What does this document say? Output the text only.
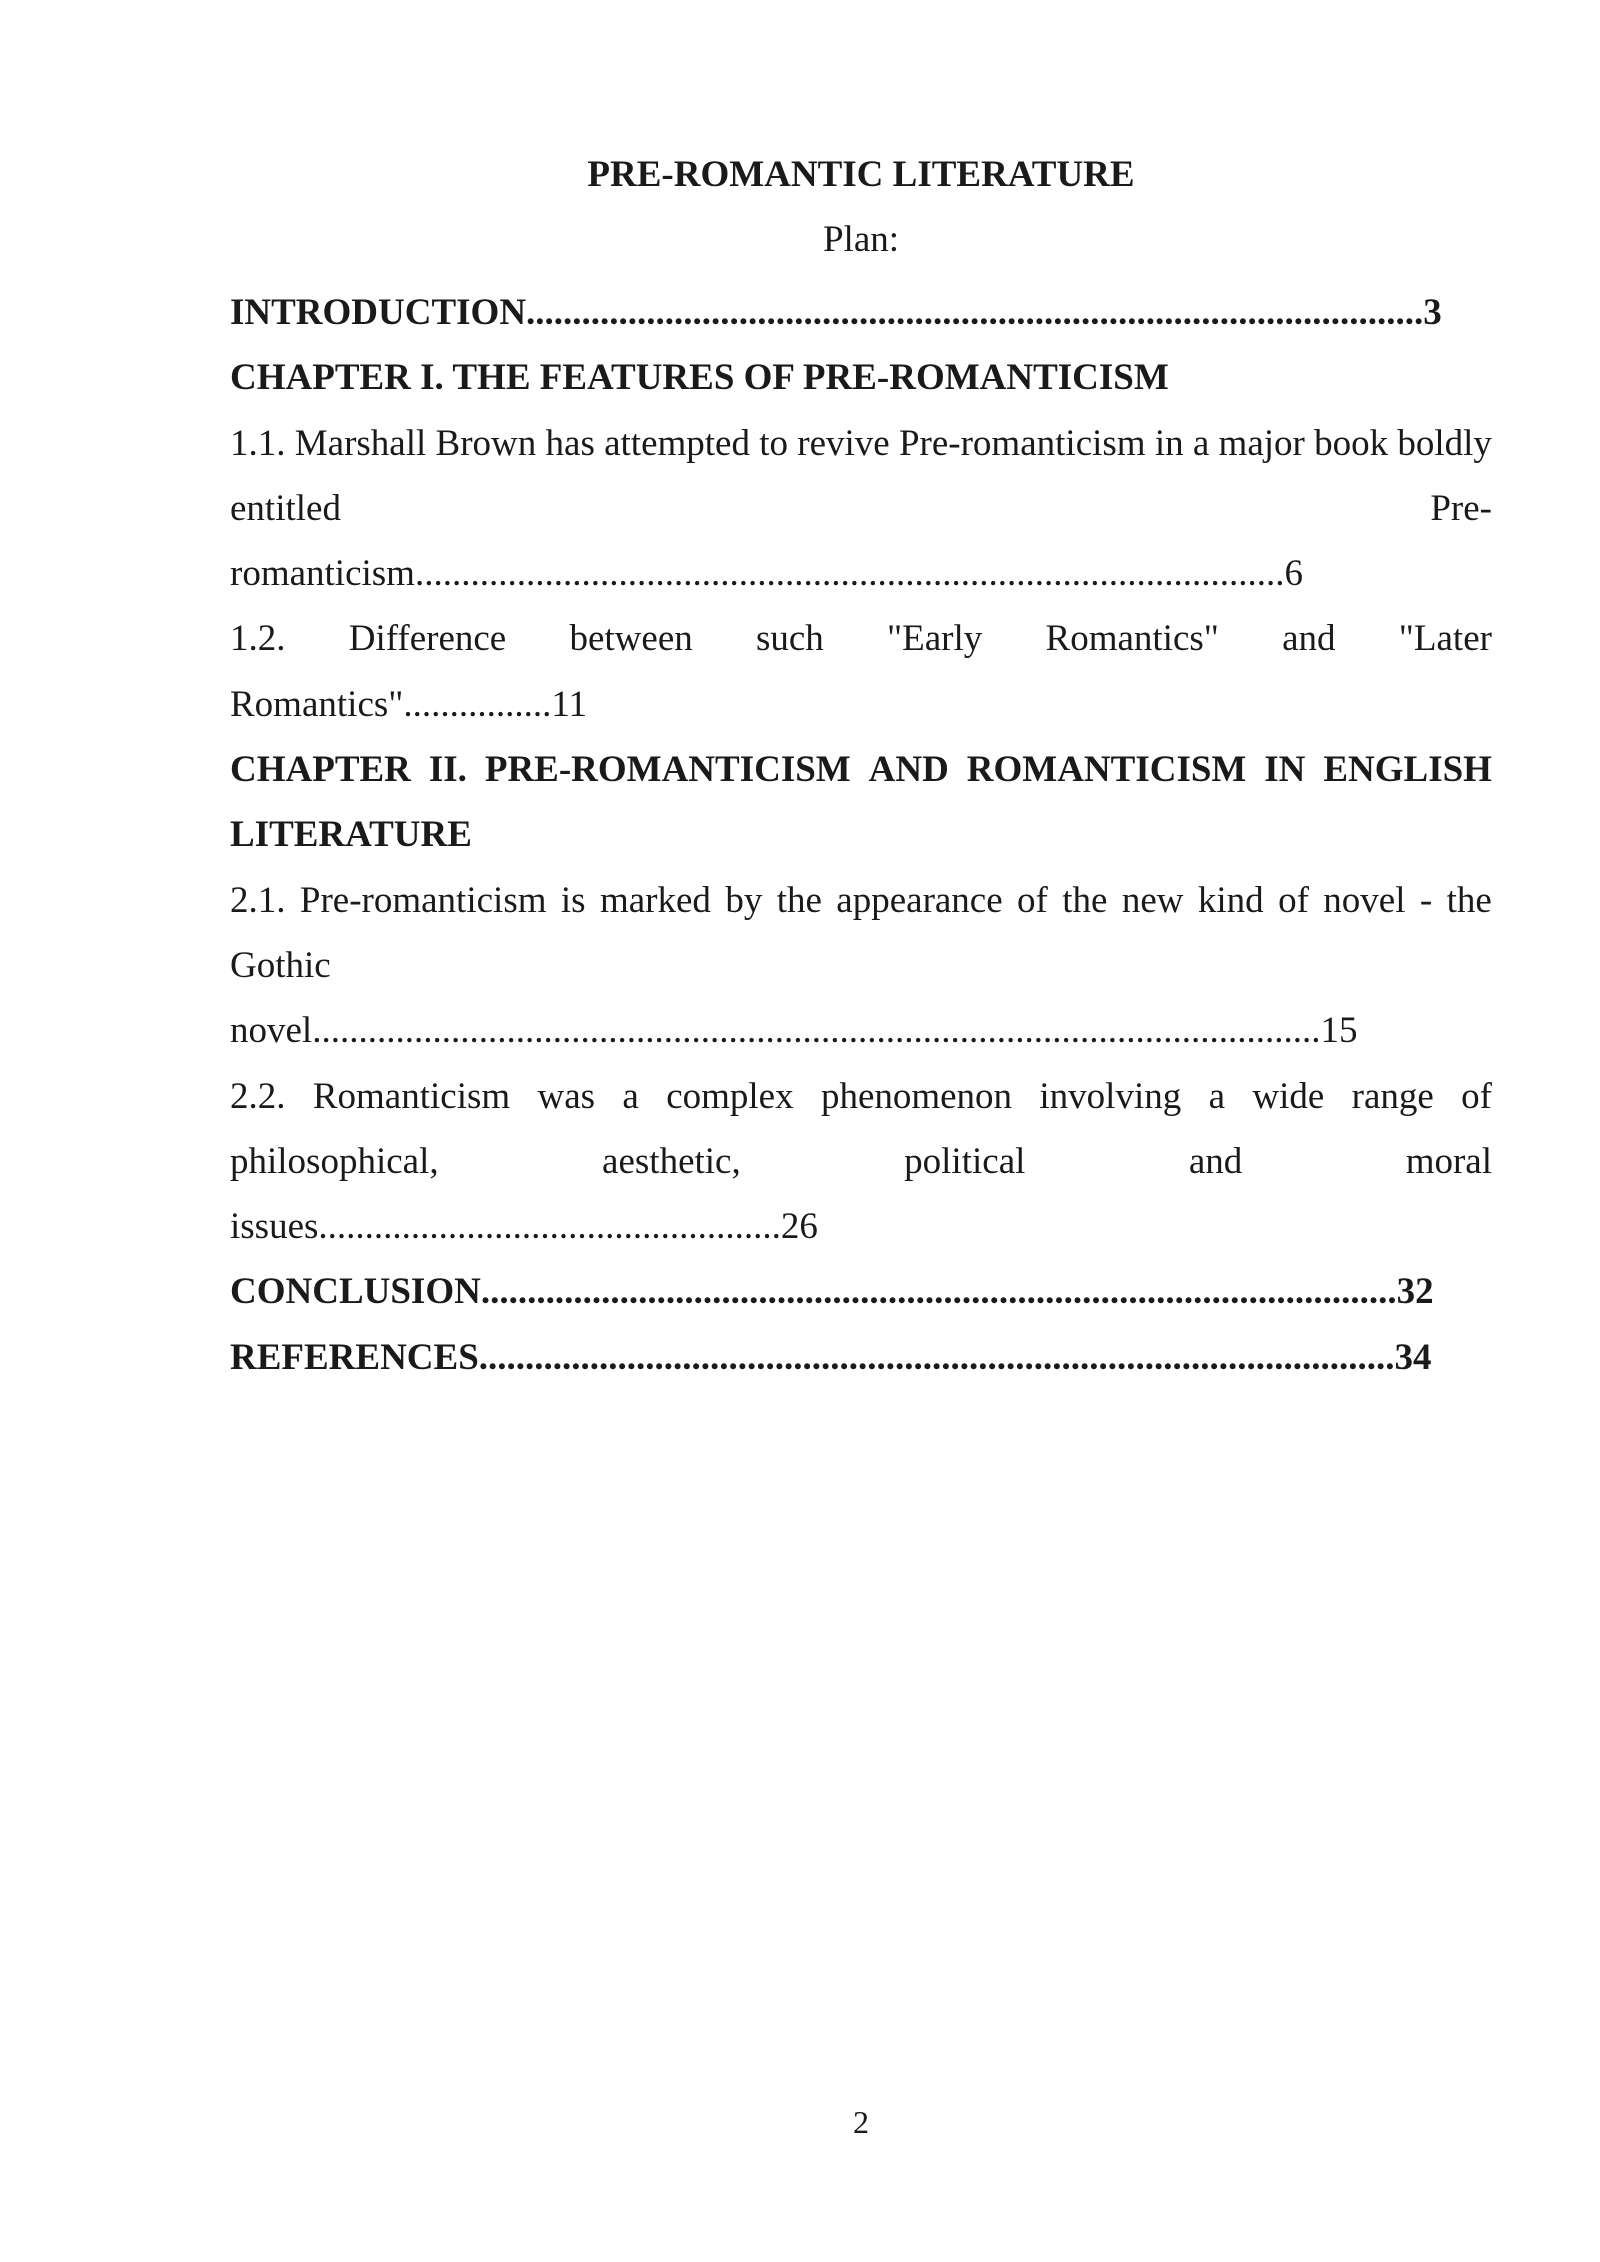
PRE-ROMANTIC LITERATURE

Plan:

INTRODUCTION ................................................................................................. 3
CHAPTER I. THE FEATURES OF PRE-ROMANTICISM
1.1. Marshall Brown has attempted to revive Pre-romanticism in a major book boldly
entitled	Pre-
romanticism .............................................................................................. 6
1.2. Difference between such "Early Romantics" and "Later
Romantics" ................ 11
CHAPTER II. PRE-ROMANTICISM AND ROMANTICISM IN ENGLISH
LITERATURE
2.1. Pre-romanticism is marked by the appearance of the new kind of novel - the
Gothic
novel ............................................................................................................. 15
2.2. Romanticism was a complex phenomenon involving a wide range of
philosophical,	aesthetic,	political	and	moral
issues .................................................. 26
CONCLUSION ................................................................................................... 32
REFERENCES ................................................................................................... 34
2
